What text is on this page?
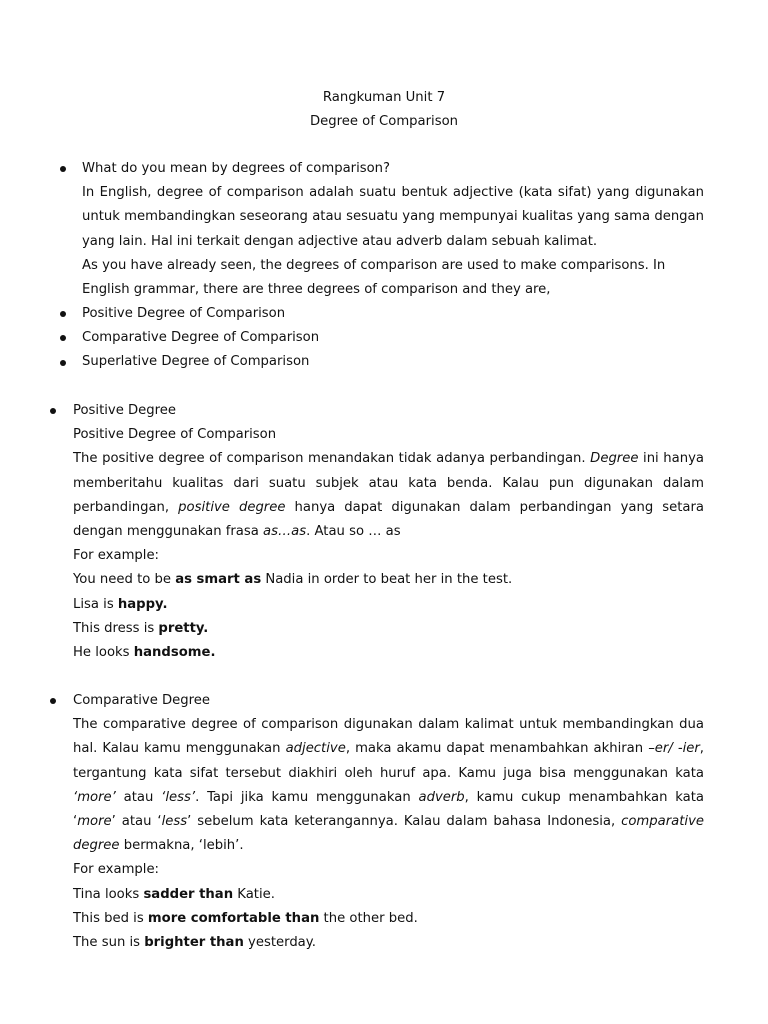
Rangkuman Unit 7
Degree of Comparison

What do you mean by degrees of comparison?

In English, degree of comparison adalah suatu bentuk adjective (kata sifat) yang digunakan untuk membandingkan seseorang atau sesuatu yang mempunyai kualitas yang sama dengan yang lain. Hal ini terkait dengan adjective atau adverb dalam sebuah kalimat.

As you have already seen, the degrees of comparison are used to make comparisons. In English grammar, there are three degrees of comparison and they are,

Positive Degree of Comparison
Comparative Degree of Comparison
Superlative Degree of Comparison

Positive Degree

Positive Degree of Comparison

The positive degree of comparison menandakan tidak adanya perbandingan. Degree ini hanya memberitahu kualitas dari suatu subjek atau kata benda. Kalau pun digunakan dalam perbandingan, positive degree hanya dapat digunakan dalam perbandingan yang setara dengan menggunakan frasa as…as. Atau so … as

For example:

You need to be as smart as Nadia in order to beat her in the test.

Lisa is happy.

This dress is pretty.

He looks handsome.

Comparative Degree

The comparative degree of comparison digunakan dalam kalimat untuk membandingkan dua hal. Kalau kamu menggunakan adjective, maka akamu dapat menambahkan akhiran –er/ -ier, tergantung kata sifat tersebut diakhiri oleh huruf apa. Kamu juga bisa menggunakan kata ‘more’ atau ‘less’. Tapi jika kamu menggunakan adverb, kamu cukup menambahkan kata ‘more’ atau ‘less’ sebelum kata keterangannya. Kalau dalam bahasa Indonesia, comparative degree bermakna, ‘lebih’.

For example:

Tina looks sadder than Katie.

This bed is more comfortable than the other bed.

The sun is brighter than yesterday.
